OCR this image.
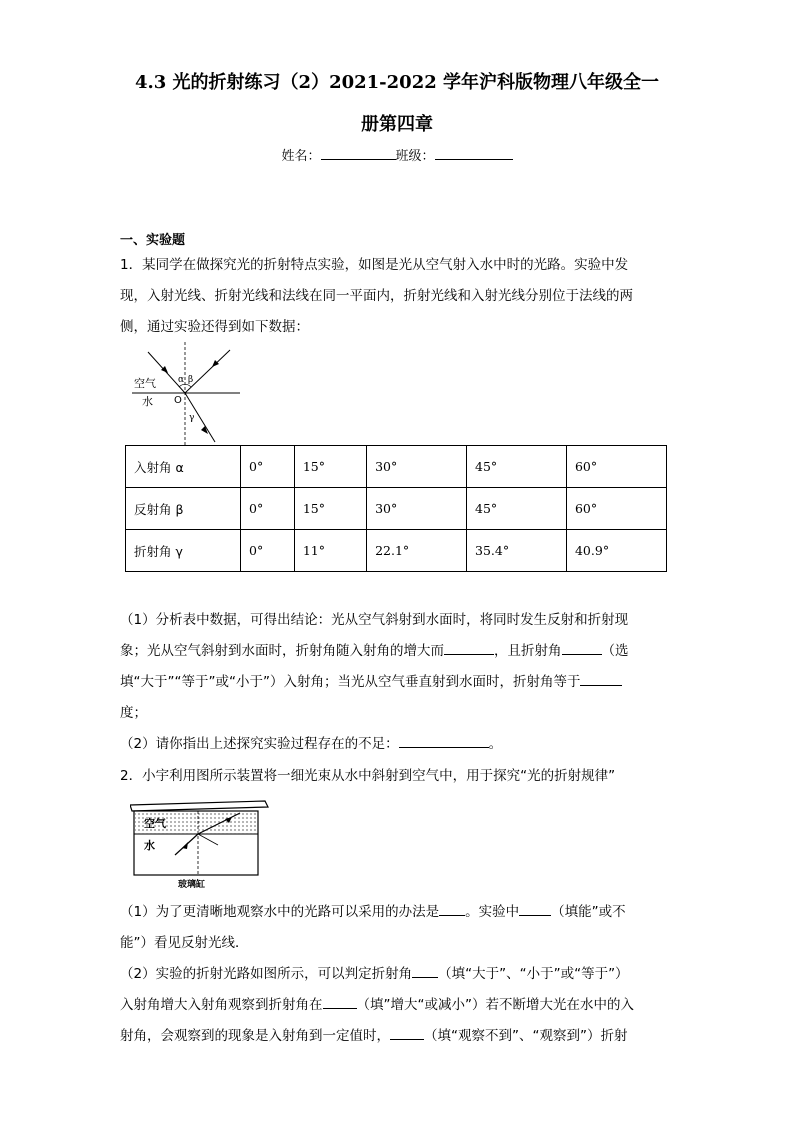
4.3 光的折射练习（2）2021-2022 学年沪科版物理八年级全一
册第四章
姓名：	班级：
一、实验题
1．某同学在做探究光的折射特点实验，如图是光从空气射入水中时的光路。实验中发
现，入射光线、折射光线和法线在同一平面内，折射光线和入射光线分别位于法线的两
侧，通过实验还得到如下数据：
空气
水 O
α β
γ
入射角 α	0°	15°	30°	45°	60°
反射角 β	0°	15°	30°	45°	60°
折射角 γ	0°	11°	22.1°	35.4°	40.9°
（1）分析表中数据，可得出结论：光从空气斜射到水面时，将同时发生反射和折射现
象；光从空气斜射到水面时，折射角随入射角的增大而	，且折射角	（选
填“大于”“等于”或“小于”）入射角；当光从空气垂直射到水面时，折射角等于
度；
（2）请你指出上述探究实验过程存在的不足：	。
2．小宇利用图所示装置将一细光束从水中斜射到空气中，用于探究“光的折射规律”
空气
水
玻璃缸
（1）为了更清晰地观察水中的光路可以采用的办法是 。实验中 （填能”或不
能”）看见反射光线．
（2）实验的折射光路如图所示，可以判定折射角 （填“大于”、“小于”或“等于”）
入射角增大入射角观察到折射角在	（填”增大“或减小”）若不断增大光在水中的入
射角，会观察到的现象是入射角到一定值时，	（填“观察不到”、“观察到”）折射
